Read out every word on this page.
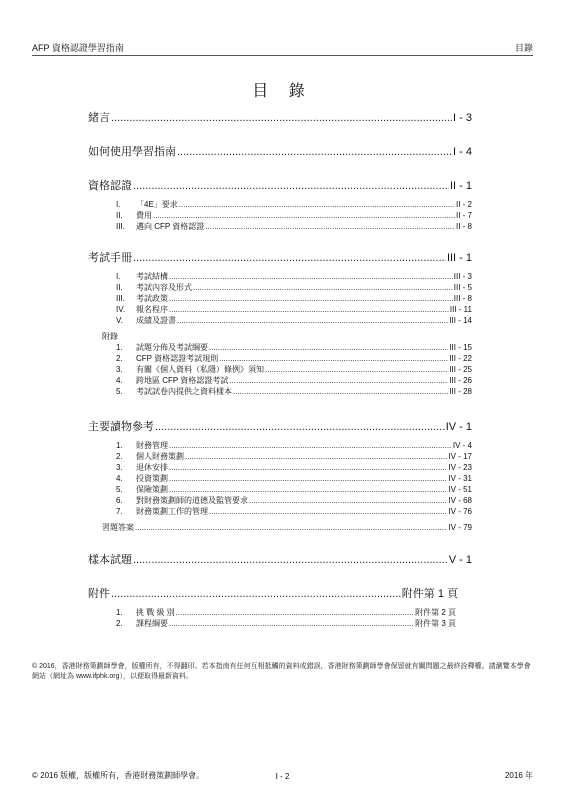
AFP 資格認證學習指南	目錄
目 錄
緒言 .....	I - 3
如何使用學習指南 .....	I - 4
資格認證 .....	II - 1
I. 「4E」要求 .....	II - 2
II. 費用 .....	II - 7
III. 邁向 CFP 資格認證 .....	II - 8
考試手冊 .....	III - 1
I. 考試結構 .....	III - 3
II. 考試內容及形式 .....	III - 5
III. 考試政策 .....	III - 8
IV. 報名程序 .....	III - 11
V. 成績及證書 .....	III - 14
附錄
1. 試題分佈及考試綱要 .....	III - 15
2. CFP 資格認證考試規則 .....	III - 22
3. 有關《個人資料（私隱）條例》須知 .....	III - 25
4. 跨地區 CFP 資格認證考試 .....	III - 26
5. 考試試卷內提供之資料樣本 .....	III - 28
主要讀物參考 .....	IV - 1
1. 財務管理 .....	IV - 4
2. 個人財務策劃 .....	IV - 17
3. 退休安排 .....	IV - 23
4. 投資策劃 .....	IV - 31
5. 保險策劃 .....	IV - 51
6. 對財務策劃師的道德及監管要求 .....	IV - 68
7. 財務策劃工作的管理 .....	IV - 76
習題答案 .....	IV - 79
樣本試題 .....	V - 1
附件 .....	附件第 1 頁
1. 挑 戰 級 別 .....	附件第 2 頁
2. 課程綱要 .....	附件第 3 頁
© 2016，香港財務策劃師學會，版權所有，不得翻印。若本指南有任何互相抵觸的資料或錯誤，香港財務策劃師學會保留就有關問題之最終詮釋權。請瀏覽本學會網站（網址為 www.ifphk.org），以便取得最新資料。
© 2016 版權，版權所有，香港財務策劃師學會。	I - 2	2016 年
